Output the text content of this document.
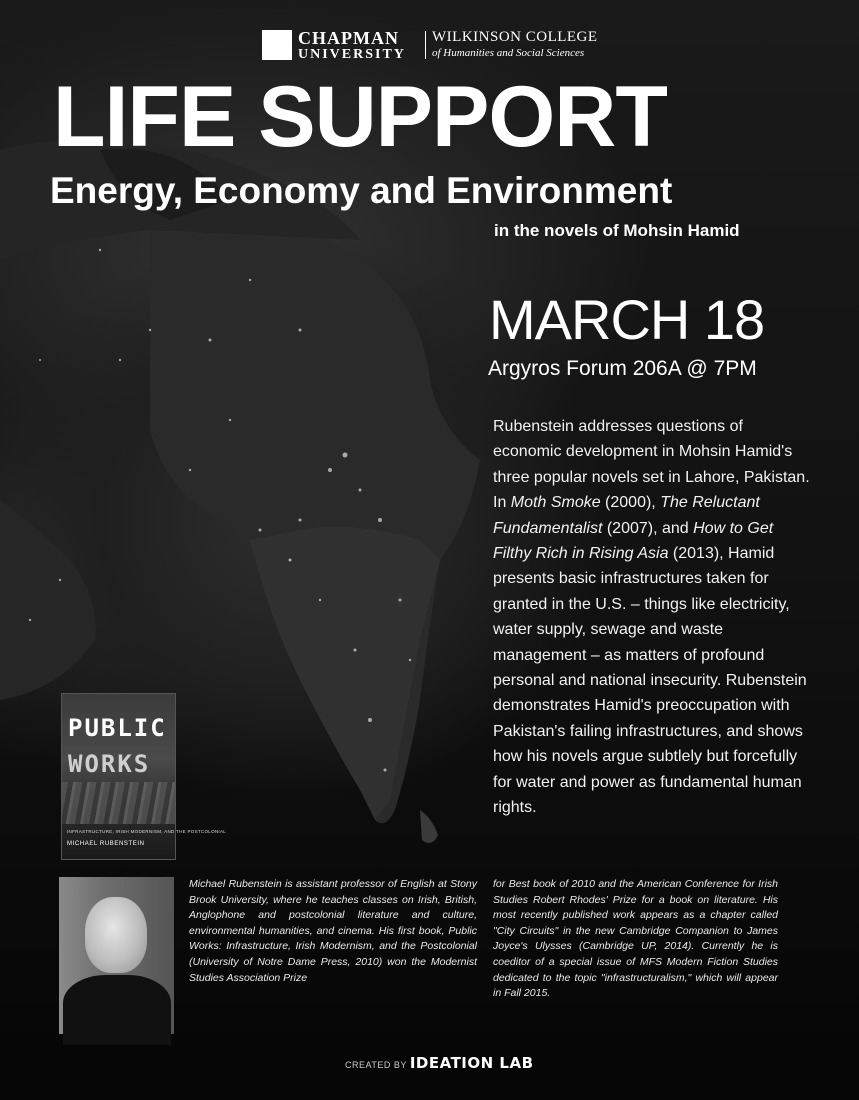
CHAPMAN
UNIVERSITY
WILKINSON COLLEGE
of Humanities and Social Sciences
LIFE SUPPORT
Energy, Economy and Environment
in the novels of Mohsin Hamid
MARCH 18
Argyros Forum 206A @ 7PM
Rubenstein addresses questions of economic development in Mohsin Hamid's three popular novels set in Lahore, Pakistan. In Moth Smoke (2000), The Reluctant Fundamentalist (2007), and How to Get Filthy Rich in Rising Asia (2013), Hamid presents basic infrastructures taken for granted in the U.S. – things like electricity, water supply, sewage and waste management – as matters of profound personal and national insecurity. Rubenstein demonstrates Hamid's preoccupation with Pakistan's failing infrastructures, and shows how his novels argue subtlely but forcefully for water and power as fundamental human rights.
PUBLIC
WORKS
INFRASTRUCTURE, IRISH MODERNISM, AND THE POSTCOLONIAL
MICHAEL RUBENSTEIN
Michael Rubenstein is assistant professor of English at Stony Brook University, where he teaches classes on Irish, British, Anglophone and postcolonial literature and culture, environmental humanities, and cinema. His first book, Public Works: Infrastructure, Irish Modernism, and the Postcolonial (University of Notre Dame Press, 2010) won the Modernist Studies Association Prize
for Best book of 2010 and the American Conference for Irish Studies Robert Rhodes' Prize for a book on literature. His most recently published work appears as a chapter called "City Circuits" in the new Cambridge Companion to James Joyce's Ulysses (Cambridge UP, 2014). Currently he is coeditor of a special issue of MFS Modern Fiction Studies dedicated to the topic "infrastructuralism," which will appear in Fall 2015.
CREATED BY IDEATION LAB
